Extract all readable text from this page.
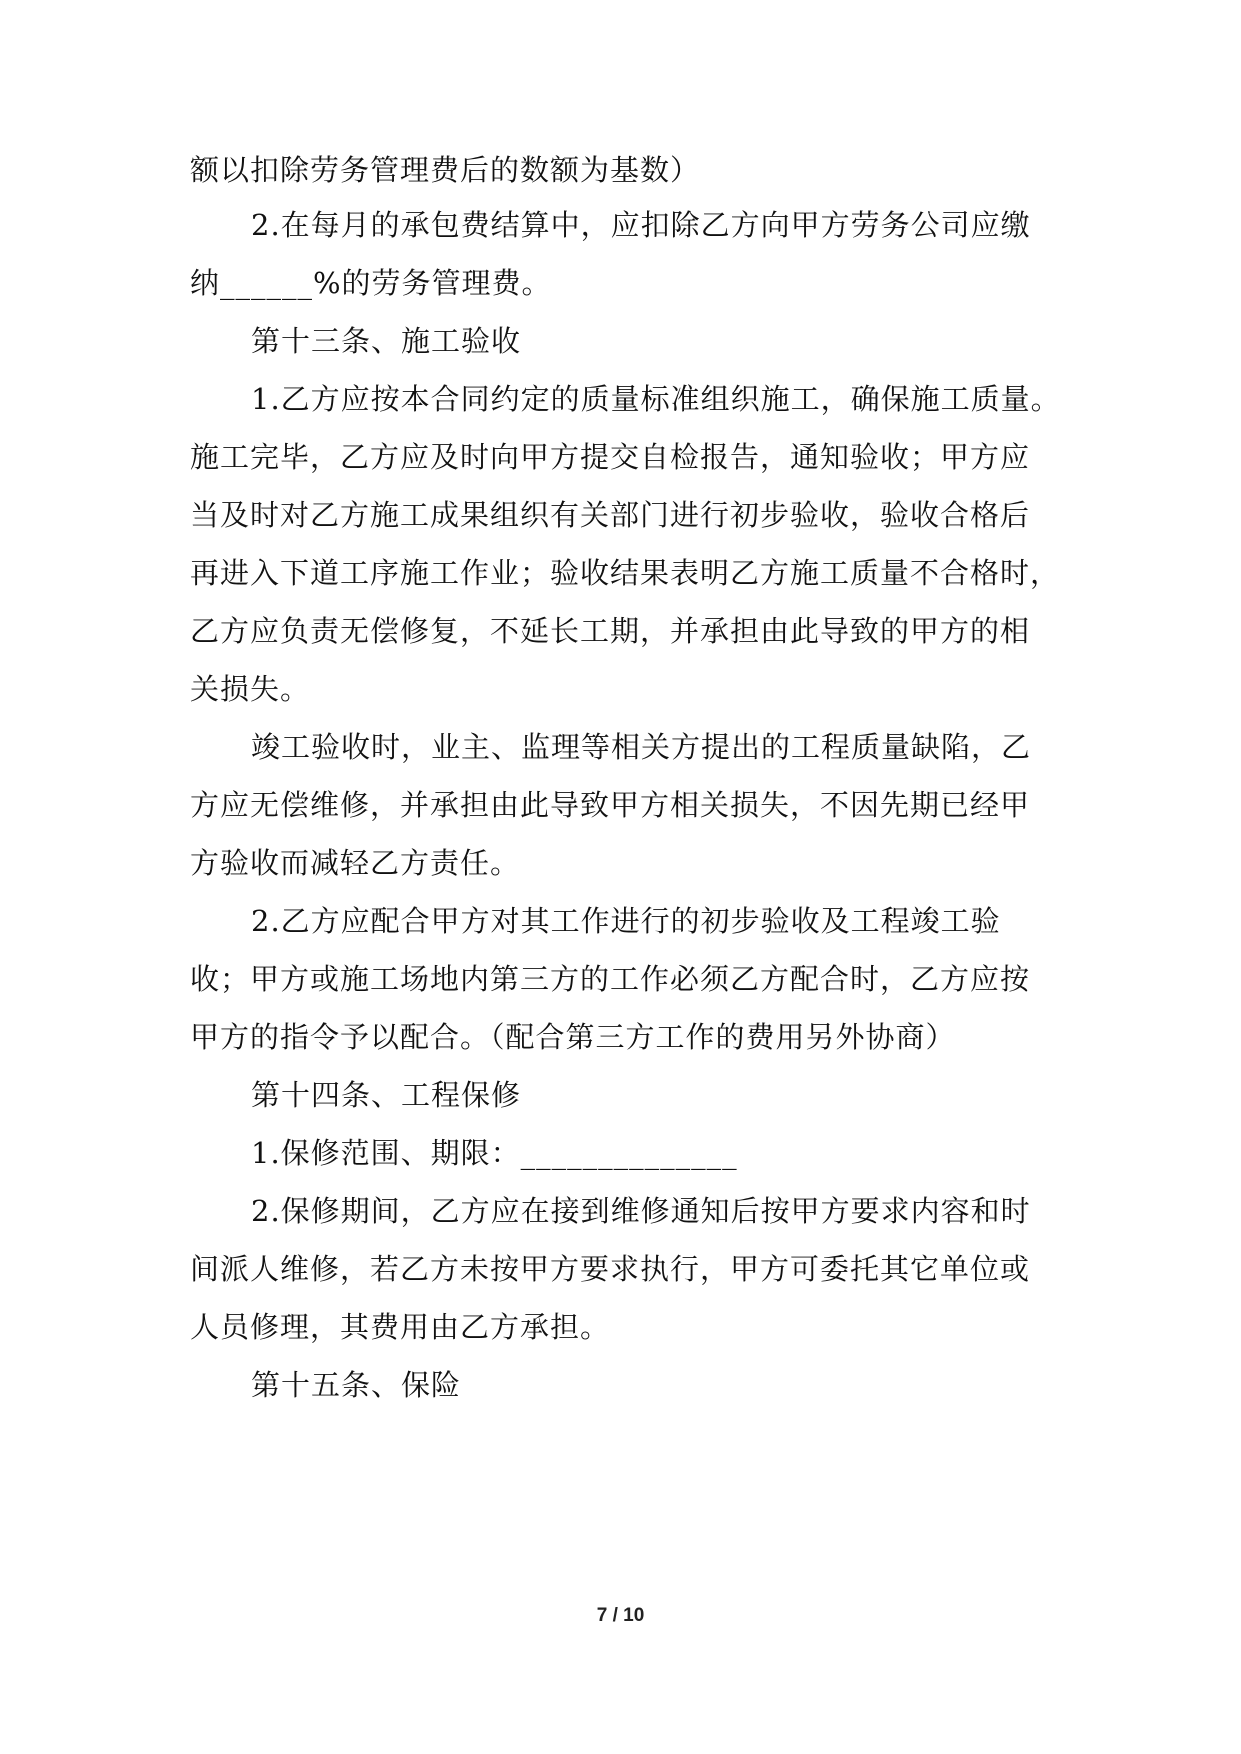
额以扣除劳务管理费后的数额为基数）
2.在每月的承包费结算中，应扣除乙方向甲方劳务公司应缴
纳______%的劳务管理费。
第十三条、施工验收
1.乙方应按本合同约定的质量标准组织施工，确保施工质量。
施工完毕，乙方应及时向甲方提交自检报告，通知验收；甲方应
当及时对乙方施工成果组织有关部门进行初步验收，验收合格后
再进入下道工序施工作业；验收结果表明乙方施工质量不合格时，
乙方应负责无偿修复，不延长工期，并承担由此导致的甲方的相
关损失。
竣工验收时，业主、监理等相关方提出的工程质量缺陷，乙
方应无偿维修，并承担由此导致甲方相关损失，不因先期已经甲
方验收而减轻乙方责任。
2.乙方应配合甲方对其工作进行的初步验收及工程竣工验
收；甲方或施工场地内第三方的工作必须乙方配合时，乙方应按
甲方的指令予以配合。（配合第三方工作的费用另外协商）
第十四条、工程保修
1.保修范围、期限：______________
2.保修期间，乙方应在接到维修通知后按甲方要求内容和时
间派人维修，若乙方未按甲方要求执行，甲方可委托其它单位或
人员修理，其费用由乙方承担。
第十五条、保险
7 / 10
